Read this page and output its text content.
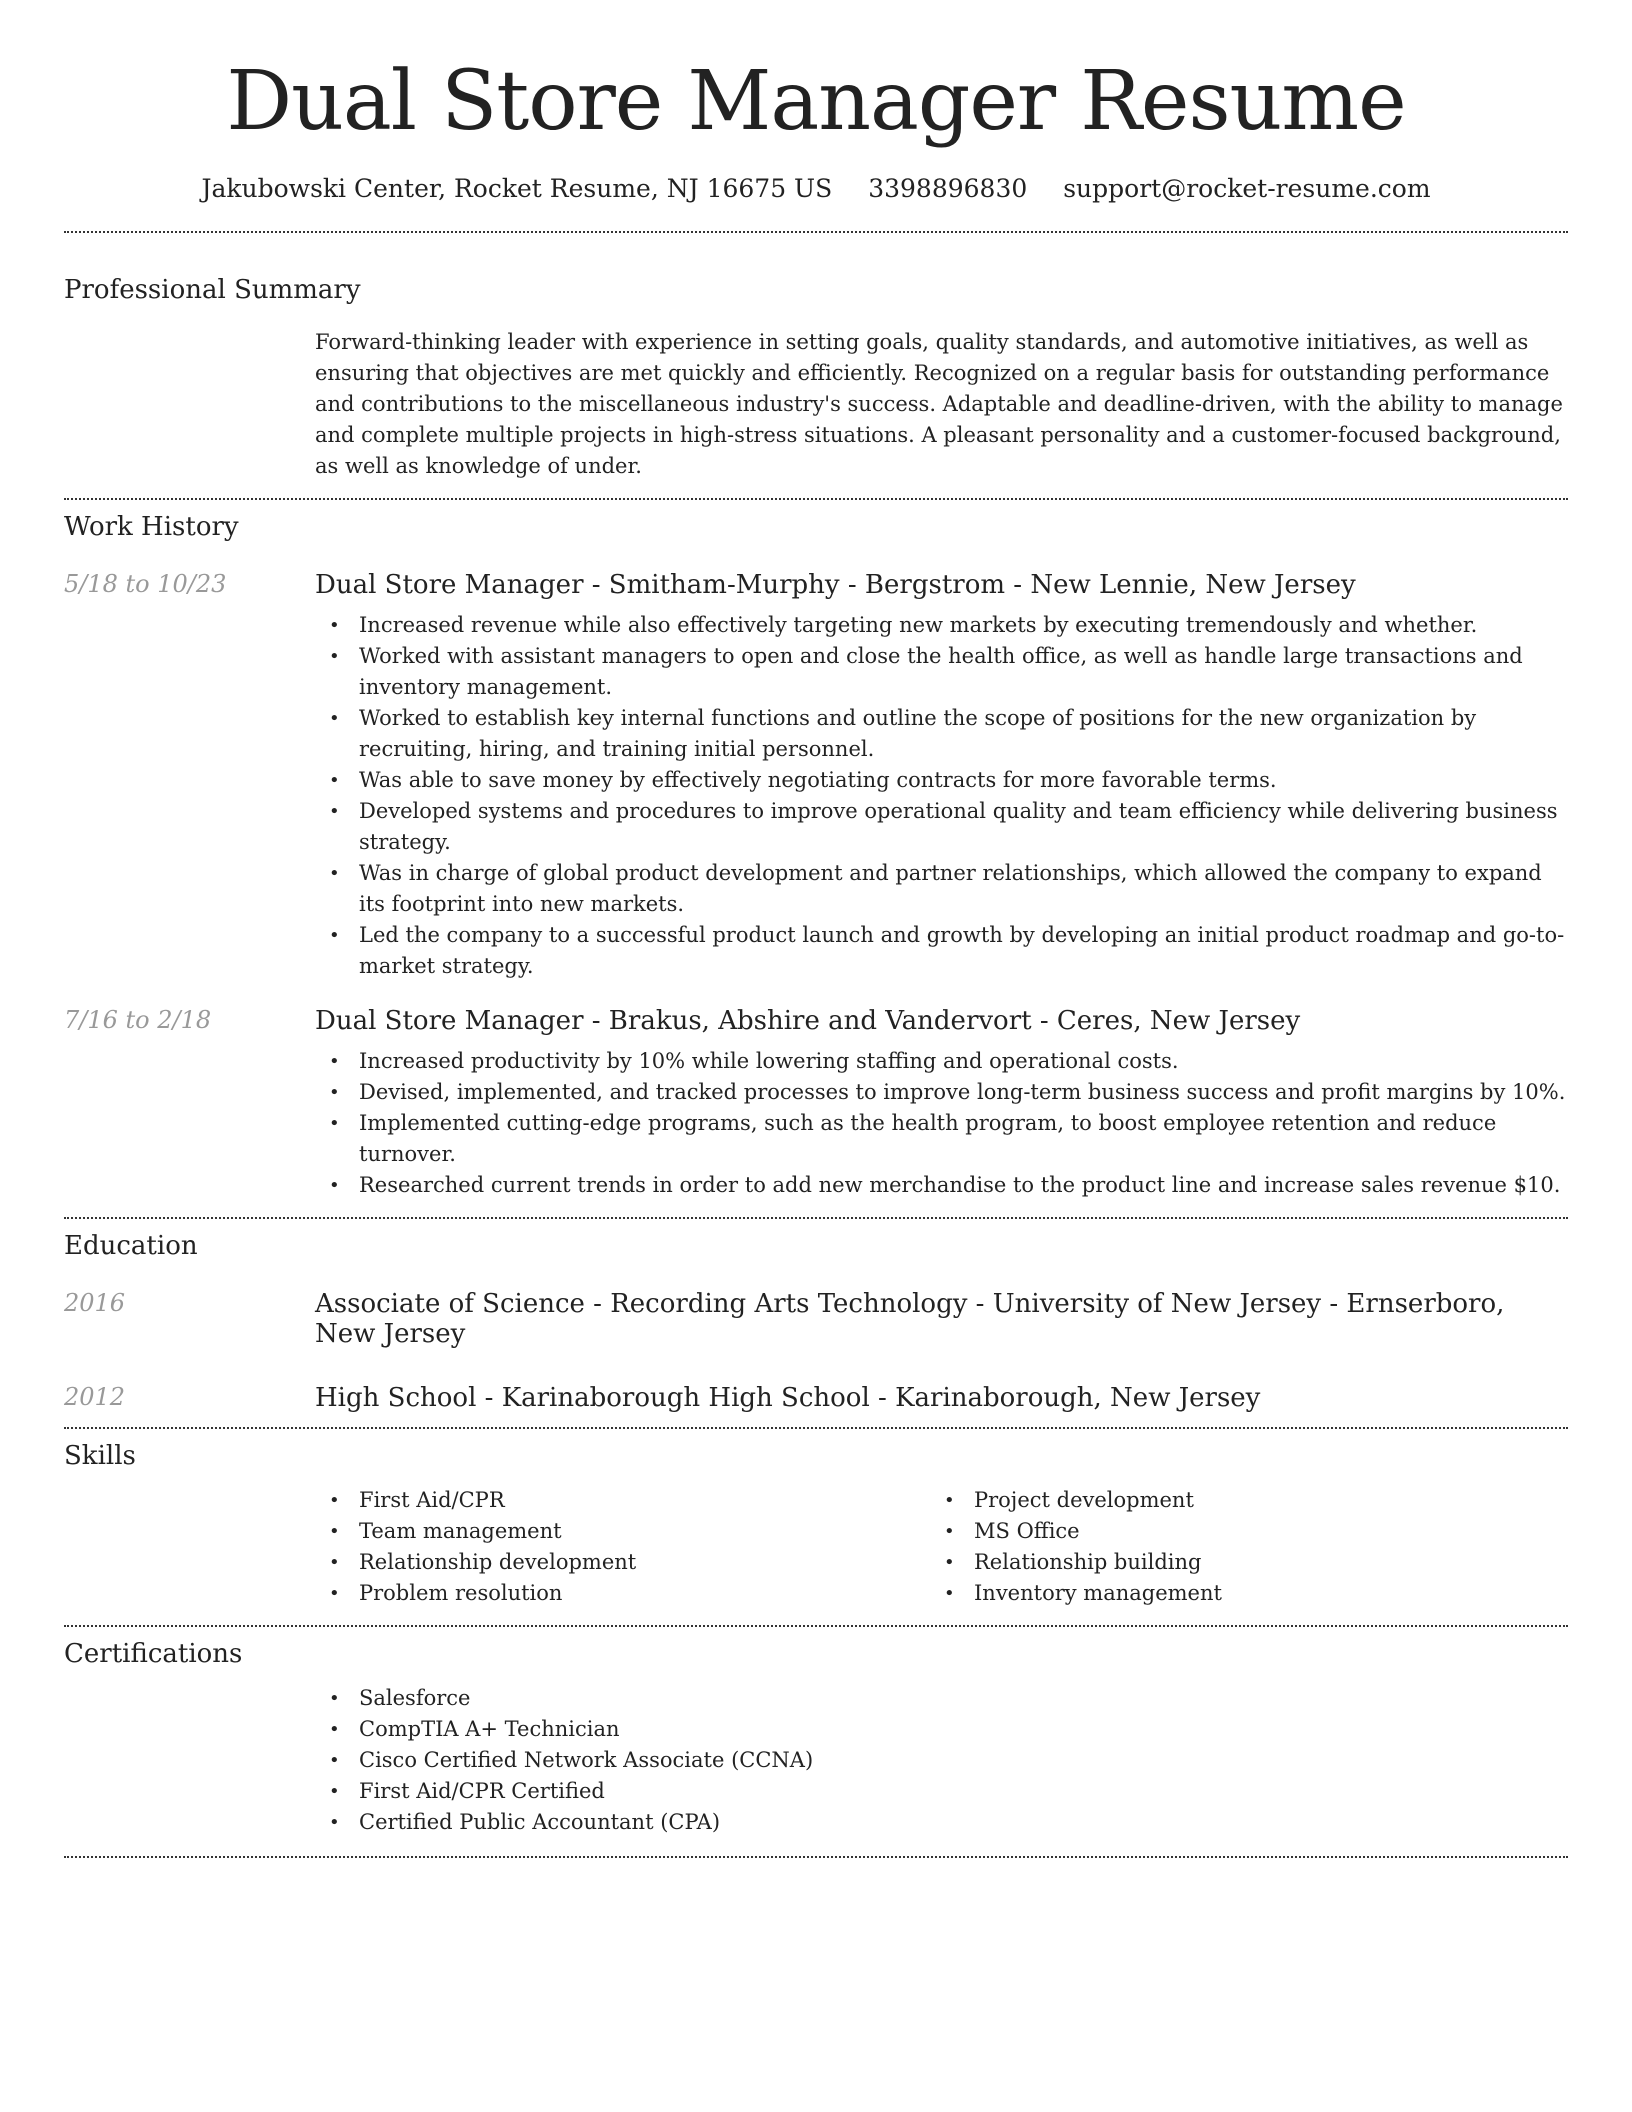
Dual Store Manager Resume
Jakubowski Center, Rocket Resume, NJ 16675 US 3398896830 support@rocket-resume.com
Professional Summary

Forward-thinking leader with experience in setting goals, quality standards, and automotive initiatives, as well as ensuring that objectives are met quickly and efficiently. Recognized on a regular basis for outstanding performance and contributions to the miscellaneous industry's success. Adaptable and deadline-driven, with the ability to manage and complete multiple projects in high-stress situations. A pleasant personality and a customer-focused background, as well as knowledge of under.

Work History
5/18 to 10/23	Dual Store Manager - Smitham-Murphy - Bergstrom - New Lennie, New Jersey
• Increased revenue while also effectively targeting new markets by executing tremendously and whether.
• Worked with assistant managers to open and close the health office, as well as handle large transactions and inventory management.
• Worked to establish key internal functions and outline the scope of positions for the new organization by recruiting, hiring, and training initial personnel.
• Was able to save money by effectively negotiating contracts for more favorable terms.
• Developed systems and procedures to improve operational quality and team efficiency while delivering business strategy.
• Was in charge of global product development and partner relationships, which allowed the company to expand its footprint into new markets.
• Led the company to a successful product launch and growth by developing an initial product roadmap and go-to-market strategy.
7/16 to 2/18	Dual Store Manager - Brakus, Abshire and Vandervort - Ceres, New Jersey
• Increased productivity by 10% while lowering staffing and operational costs.
• Devised, implemented, and tracked processes to improve long-term business success and profit margins by 10%.
• Implemented cutting-edge programs, such as the health program, to boost employee retention and reduce turnover.
• Researched current trends in order to add new merchandise to the product line and increase sales revenue $10.
Education
2016	Associate of Science - Recording Arts Technology - University of New Jersey - Ernserboro, New Jersey
2012	High School - Karinaborough High School - Karinaborough, New Jersey
Skills
• First Aid/CPR
• Team management
• Relationship development
• Problem resolution
• Project development
• MS Office
• Relationship building
• Inventory management
Certifications
• Salesforce
• CompTIA A+ Technician
• Cisco Certified Network Associate (CCNA)
• First Aid/CPR Certified
• Certified Public Accountant (CPA)
